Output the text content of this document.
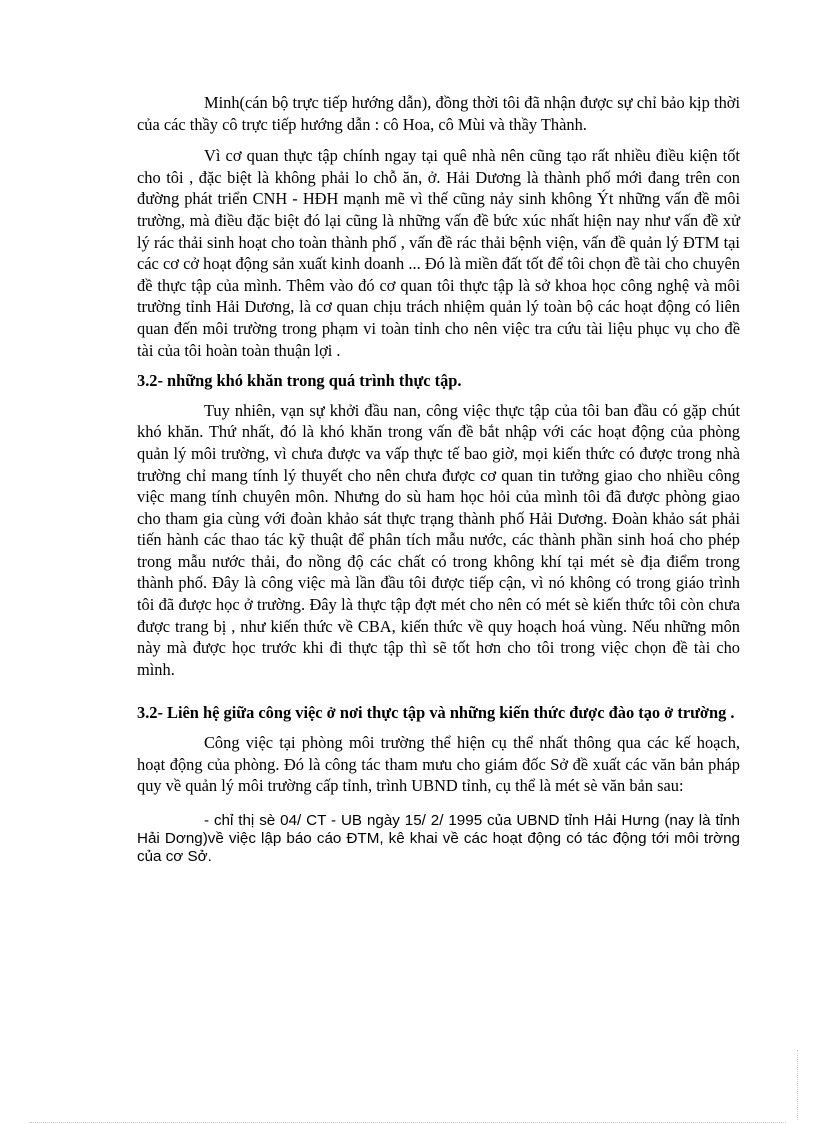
Minh(cán bộ trực tiếp hướng dẫn), đồng thời tôi đã nhận được sự chỉ bảo kịp thời của các thầy cô trực tiếp hướng dẫn : cô Hoa, cô Mùi và thầy Thành.

Vì cơ quan thực tập chính ngay tại quê nhà nên cũng tạo rất nhiều điều kiện tốt cho tôi , đặc biệt là không phải lo chỗ ăn, ở. Hải Dương là thành phố mới đang trên con đường phát triển CNH - HĐH mạnh mẽ vì thế cũng nảy sinh không Ýt những vấn đề môi trường, mà điều đặc biệt đó lại cũng là những vấn đề bức xúc nhất hiện nay như vấn đề xử lý rác thải sinh hoạt cho toàn thành phố , vấn đề rác thải bệnh viện, vấn đề quản lý ĐTM tại các cơ cở hoạt động sản xuất kinh doanh ... Đó là miền đất tốt để tôi chọn đề tài cho chuyên đề thực tập của mình. Thêm vào đó cơ quan tôi thực tập là sở khoa học công nghệ và môi trường tỉnh Hải Dương, là cơ quan chịu trách nhiệm quản lý toàn bộ các hoạt động có liên quan đến môi trường trong phạm vi toàn tỉnh cho nên việc tra cứu tài liệu phục vụ cho đề tài của tôi hoàn toàn thuận lợi .

3.2- những khó khăn trong quá trình thực tập.

Tuy nhiên, vạn sự khởi đầu nan, công việc thực tập của tôi ban đầu có gặp chút khó khăn. Thứ nhất, đó là khó khăn trong vấn đề bắt nhập với các hoạt động của phòng quản lý môi trường, vì chưa được va vấp thực tế bao giờ, mọi kiến thức có được trong nhà trường chỉ mang tính lý thuyết cho nên chưa được cơ quan tin tưởng giao cho nhiều công việc mang tính chuyên môn. Nhưng do sù ham học hỏi của mình tôi đã được phòng giao cho tham gia cùng với đoàn khảo sát thực trạng thành phố Hải Dương. Đoàn khảo sát phải tiến hành các thao tác kỹ thuật để phân tích mẫu nước, các thành phần sinh hoá cho phép trong mẫu nước thải, đo nồng độ các chất có trong không khí tại mét sè địa điểm trong thành phố. Đây là công việc mà lần đầu tôi được tiếp cận, vì nó không có trong giáo trình tôi đã được học ở trường. Đây là thực tập đợt mét cho nên có mét sè kiến thức tôi còn chưa được trang bị , như kiến thức về CBA, kiến thức về quy hoạch hoá vùng. Nếu những môn này mà được học trước khi đi thực tập thì sẽ tốt hơn cho tôi trong việc chọn đề tài cho mình.

3.2- Liên hệ giữa công việc ở nơi thực tập và những kiến thức được đào tạo ở trường .

Công việc tại phòng môi trường thể hiện cụ thể nhất thông qua các kế hoạch, hoạt động của phòng. Đó là công tác tham mưu cho giám đốc Sở đề xuất các văn bản pháp quy về quản lý môi trường cấp tỉnh, trình UBND tỉnh, cụ thể là mét sè văn bản sau:

- chỉ thị sè 04/ CT - UB ngày 15/ 2/ 1995 của UBND tỉnh Hải Hưng (nay là tỉnh Hải Dơng)về việc lập báo cáo ĐTM, kê khai về các hoạt động có tác động tới môi trờng của cơ Sở.
